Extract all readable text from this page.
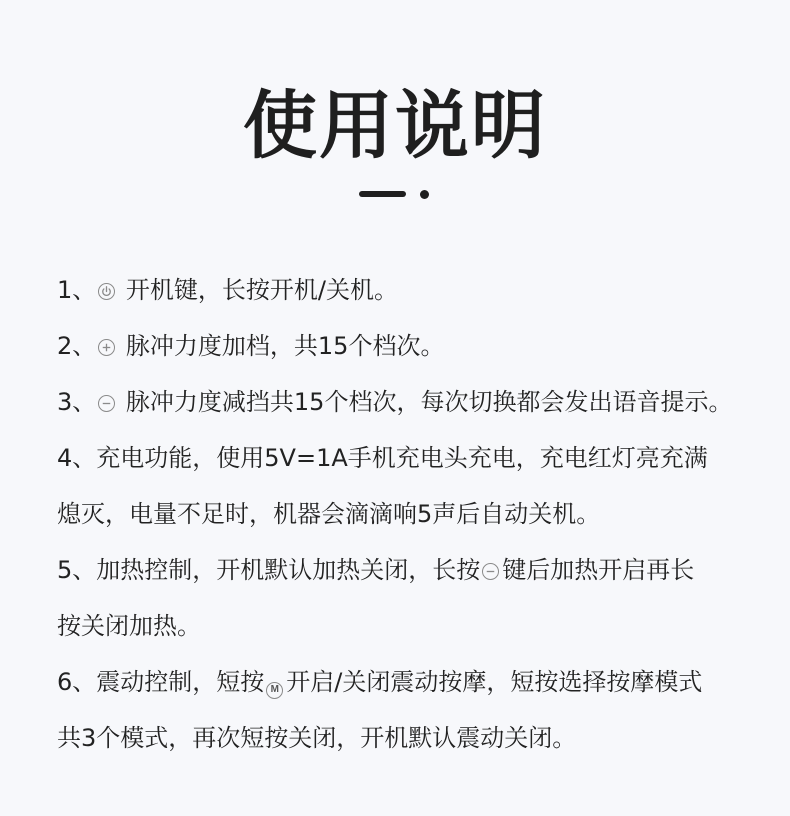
使用说明
1、
开机键，长按开机/关机。
2、
脉冲力度加档，共15个档次。
3、
脉冲力度减挡共15个档次，每次切换都会发出语音提示。
4、充电功能，使用5V=1A手机充电头充电，充电红灯亮充满
熄灭，电量不足时，机器会滴滴响5声后自动关机。
5、加热控制，开机默认加热关闭，长按 键后加热开启再长
按关闭加热。
6、震动控制，短按 M 开启/关闭震动按摩，短按选择按摩模式
共3个模式，再次短按关闭，开机默认震动关闭。
